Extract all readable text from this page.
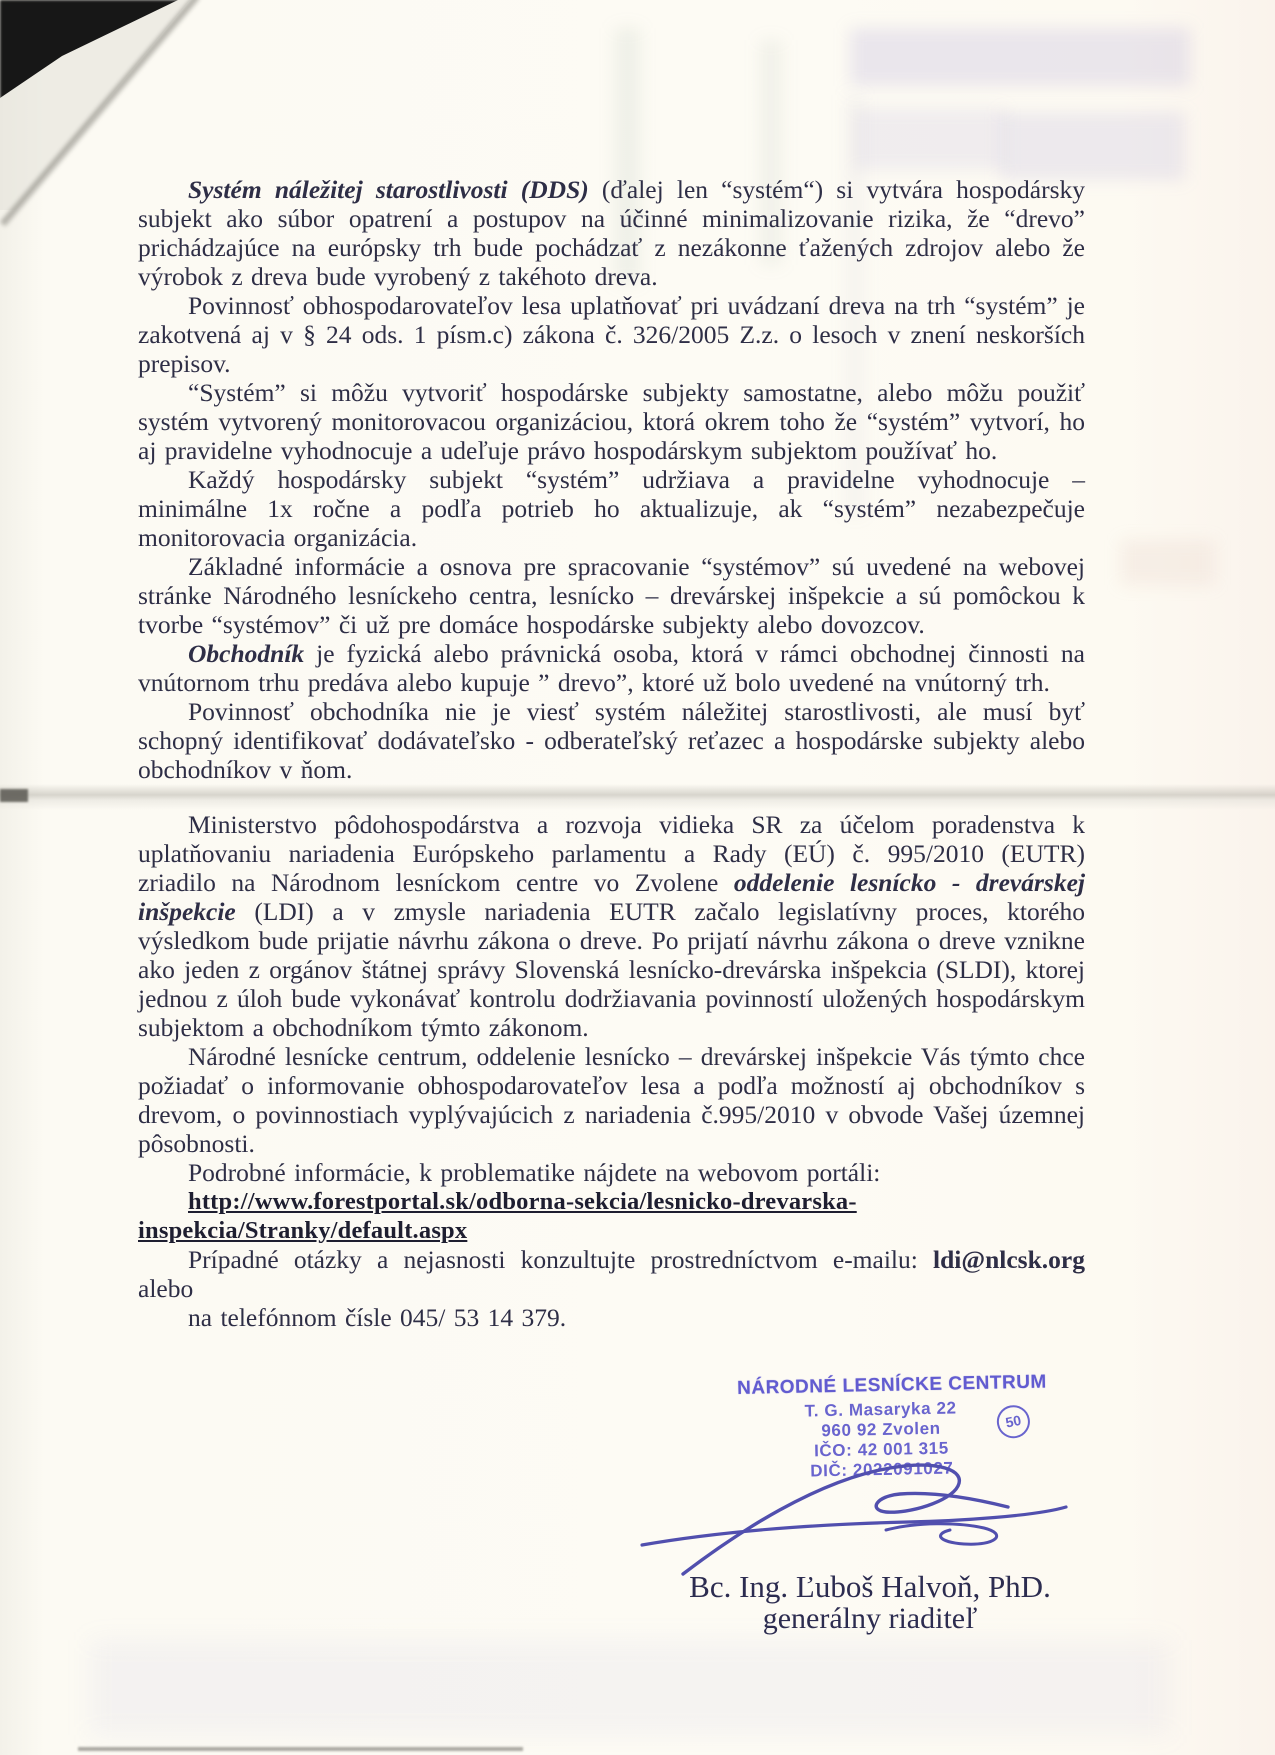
Systém náležitej starostlivosti (DDS) (ďalej len “systém“) si vytvára hospodársky subjekt ako súbor opatrení a postupov na účinné minimalizovanie rizika, že “drevo” prichádzajúce na európsky trh bude pochádzať z nezákonne ťažených zdrojov alebo že výrobok z dreva bude vyrobený z takéhoto dreva.

Povinnosť obhospodarovateľov lesa uplatňovať pri uvádzaní dreva na trh “systém” je zakotvená aj v § 24 ods. 1 písm.c) zákona č. 326/2005 Z.z. o lesoch v znení neskorších prepisov.

“Systém” si môžu vytvoriť hospodárske subjekty samostatne, alebo môžu použiť systém vytvorený monitorovacou organizáciou, ktorá okrem toho že “systém” vytvorí, ho aj pravidelne vyhodnocuje a udeľuje právo hospodárskym subjektom používať ho.

Každý hospodársky subjekt “systém” udržiava a pravidelne vyhodnocuje – minimálne 1x ročne a podľa potrieb ho aktualizuje, ak “systém” nezabezpečuje monitorovacia organizácia.

Základné informácie a osnova pre spracovanie “systémov” sú uvedené na webovej stránke Národného lesníckeho centra, lesnícko – drevárskej inšpekcie a sú pomôckou k tvorbe “systémov” či už pre domáce hospodárske subjekty alebo dovozcov.

Obchodník je fyzická alebo právnická osoba, ktorá v rámci obchodnej činnosti na vnútornom trhu predáva alebo kupuje ” drevo”, ktoré už bolo uvedené na vnútorný trh.

Povinnosť obchodníka nie je viesť systém náležitej starostlivosti, ale musí byť schopný identifikovať dodávateľsko - odberateľský reťazec a hospodárske subjekty alebo obchodníkov v ňom.

Ministerstvo pôdohospodárstva a rozvoja vidieka SR za účelom poradenstva k uplatňovaniu nariadenia Európskeho parlamentu a Rady (EÚ) č. 995/2010 (EUTR) zriadilo na Národnom lesníckom centre vo Zvolene oddelenie lesnícko - drevárskej inšpekcie (LDI) a v zmysle nariadenia EUTR začalo legislatívny proces, ktorého výsledkom bude prijatie návrhu zákona o dreve. Po prijatí návrhu zákona o dreve vznikne ako jeden z orgánov štátnej správy Slovenská lesnícko-drevárska inšpekcia (SLDI), ktorej jednou z úloh bude vykonávať kontrolu dodržiavania povinností uložených hospodárskym subjektom a obchodníkom týmto zákonom.

Národné lesnícke centrum, oddelenie lesnícko – drevárskej inšpekcie Vás týmto chce požiadať o informovanie obhospodarovateľov lesa a podľa možností aj obchodníkov s drevom, o povinnostiach vyplývajúcich z nariadenia č.995/2010 v obvode Vašej územnej pôsobnosti.

Podrobné informácie, k problematike nájdete na webovom portáli:

http://www.forestportal.sk/odborna-sekcia/lesnicko-drevarska-inspekcia/Stranky/default.aspx

Prípadné otázky a nejasnosti konzultujte prostredníctvom e-mailu: ldi@nlcsk.org alebo

na telefónnom čísle 045/ 53 14 379.

NÁRODNÉ LESNÍCKE CENTRUM
T. G. Masaryka 22
960 92 Zvolen
IČO: 42 001 315
DIČ: 2022091027
50
Bc. Ing. Ľuboš Halvoň, PhD.
generálny riaditeľ
